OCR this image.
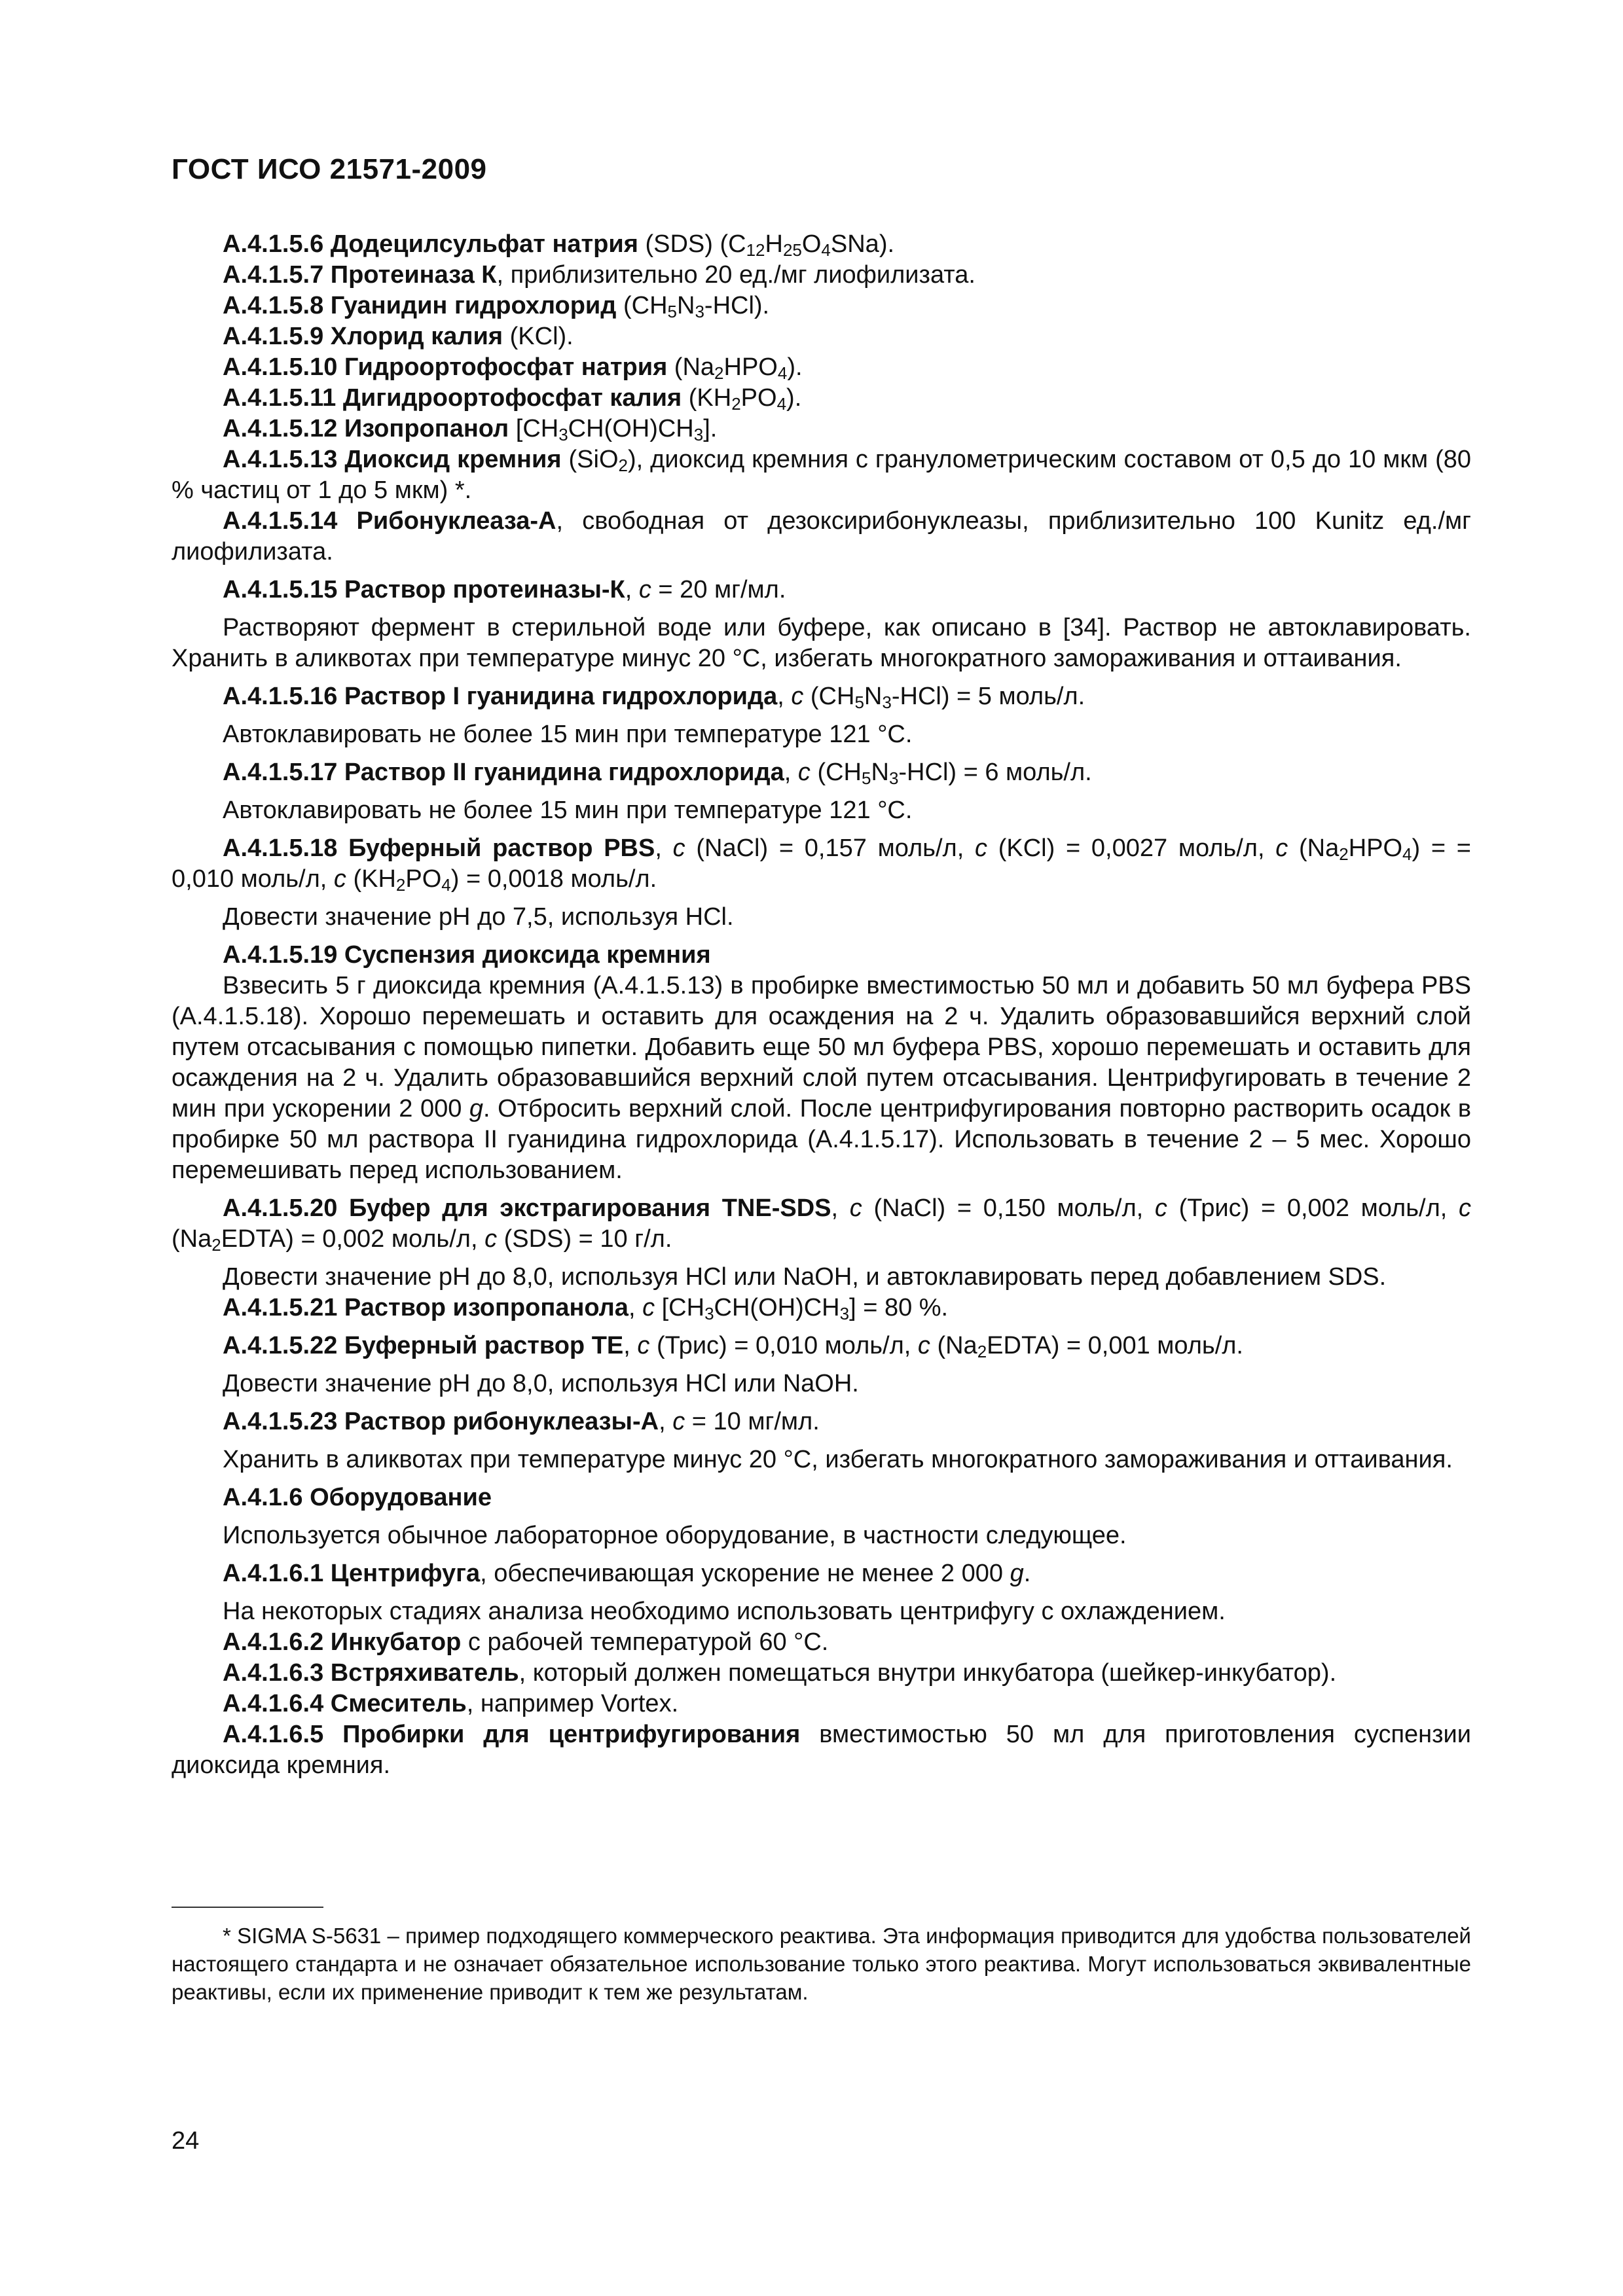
ГОСТ ИСО 21571-2009

А.4.1.5.6 Додецилсульфат натрия (SDS) $(C_{12}H_{25}O_4SNa)$.

А.4.1.5.7 Протеиназа К, приблизительно 20 ед./мг лиофилизата.

А.4.1.5.8 Гуанидин гидрохлорид $(CH_5N_3-HCl)$.

А.4.1.5.9 Хлорид калия (KCl).

А.4.1.5.10 Гидроортофосфат натрия $(Na_2HPO_4)$.

А.4.1.5.11 Дигидроортофосфат калия $(KH_2PO_4)$.

А.4.1.5.12 Изопропанол $[CH_3CH(OH)CH_3]$.

А.4.1.5.13 Диоксид кремния (SiO$_2$), диоксид кремния с гранулометрическим составом от 0,5 до 10 мкм (80 % частиц от 1 до 5 мкм) *.

А.4.1.5.14 Рибонуклеаза-А, свободная от дезоксирибонуклеазы, приблизительно 100 Kunitz ед./мг лиофилизата.

А.4.1.5.15 Раствор протеиназы-К, c = 20 мг/мл.

Растворяют фермент в стерильной воде или буфере, как описано в [34]. Раствор не автоклавировать. Хранить в аликвотах при температуре минус 20 °С, избегать многократного замораживания и оттаивания.

А.4.1.5.16 Раствор I гуанидина гидрохлорида, c $(CH_5N_3-HCl) = 5$ моль/л.

Автоклавировать не более 15 мин при температуре 121 °С.

А.4.1.5.17 Раствор II гуанидина гидрохлорида, c $(CH_5N_3-HCl) = 6$ моль/л.

Автоклавировать не более 15 мин при температуре 121 °С.

А.4.1.5.18 Буферный раствор PBS, c (NaCl) = 0,157 моль/л, c (KCl) = 0,0027 моль/л, c $(Na_2HPO_4)$ = = 0,010 моль/л, c $(KH_2PO_4) = 0,0018$ моль/л.

Довести значение pH до 7,5, используя HCl.

А.4.1.5.19 Суспензия диоксида кремния

Взвесить 5 г диоксида кремния (А.4.1.5.13) в пробирке вместимостью 50 мл и добавить 50 мл буфера PBS (А.4.1.5.18). Хорошо перемешать и оставить для осаждения на 2 ч. Удалить образовавшийся верхний слой путем отсасывания с помощью пипетки. Добавить еще 50 мл буфера PBS, хорошо перемешать и оставить для осаждения на 2 ч. Удалить образовавшийся верхний слой путем отсасывания. Центрифугировать в течение 2 мин при ускорении 2 000 g. Отбросить верхний слой. После центрифугирования повторно растворить осадок в пробирке 50 мл раствора II гуанидина гидрохлорида (А.4.1.5.17). Использовать в течение 2 – 5 мес. Хорошо перемешивать перед использованием.

А.4.1.5.20 Буфер для экстрагирования TNE-SDS, c (NaCl) = 0,150 моль/л, c (Трис) = 0,002 моль/л, c $(Na_2EDTA) = 0,002$ моль/л, c (SDS) = 10 г/л.

Довести значение pH до 8,0, используя HCl или NaOH, и автоклавировать перед добавлением SDS.

А.4.1.5.21 Раствор изопропанола, c $[CH_3CH(OH)CH_3] = 80$ %.

А.4.1.5.22 Буферный раствор TE, c (Трис) = 0,010 моль/л, c $(Na_2EDTA) = 0,001$ моль/л.

Довести значение pH до 8,0, используя HCl или NaOH.

А.4.1.5.23 Раствор рибонуклеазы-А, c = 10 мг/мл.

Хранить в аликвотах при температуре минус 20 °С, избегать многократного замораживания и оттаивания.

А.4.1.6 Оборудование

Используется обычное лабораторное оборудование, в частности следующее.

А.4.1.6.1 Центрифуга, обеспечивающая ускорение не менее 2 000 g.

На некоторых стадиях анализа необходимо использовать центрифугу с охлаждением.

А.4.1.6.2 Инкубатор с рабочей температурой 60 °С.

А.4.1.6.3 Встряхиватель, который должен помещаться внутри инкубатора (шейкер-инкубатор).

А.4.1.6.4 Смеситель, например Vortex.

А.4.1.6.5 Пробирки для центрифугирования вместимостью 50 мл для приготовления суспензии диоксида кремния.

* SIGMA S-5631 – пример подходящего коммерческого реактива. Эта информация приводится для удобства пользователей настоящего стандарта и не означает обязательное использование только этого реактива. Могут использоваться эквивалентные реактивы, если их применение приводит к тем же результатам.
24
